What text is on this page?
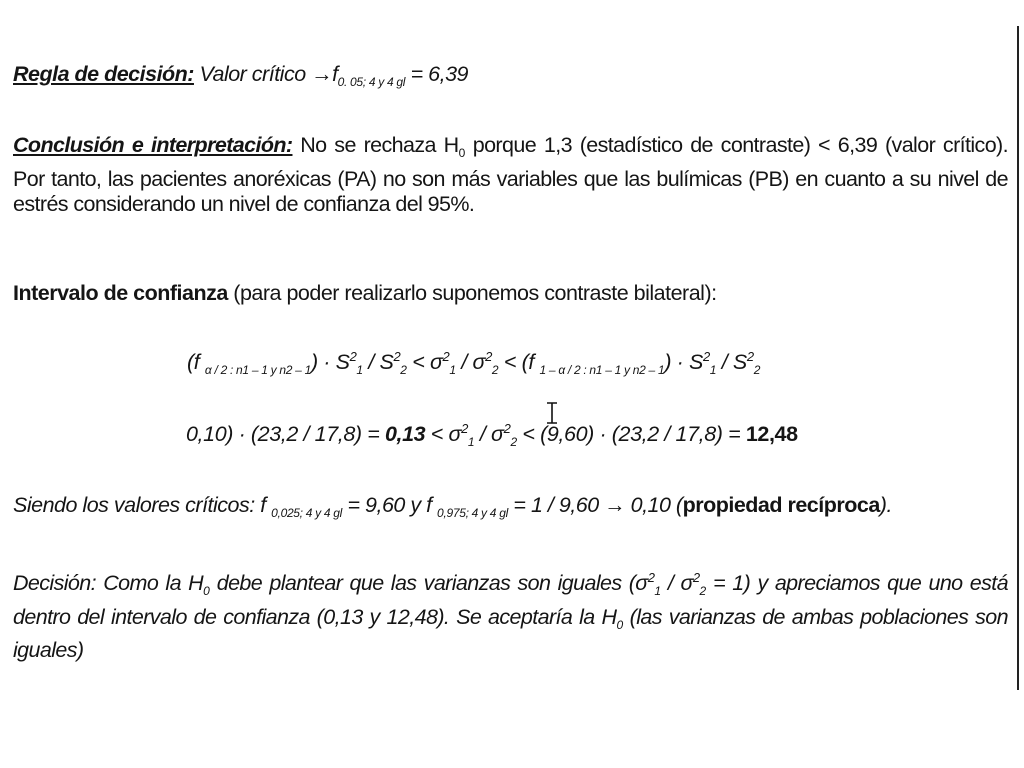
Regla de decisión: Valor crítico $\to f_{0. 05; 4 y 4 gl} = 6,39$
Conclusión e interpretación: No se rechaza $H_0$ porque 1,3 (estadístico de contraste) < 6,39 (valor crítico). Por tanto, las pacientes anoréxicas (PA) no son más variables que las bulímicas (PB) en cuanto a su nivel de estrés considerando un nivel de confianza del 95%.
Intervalo de confianza (para poder realizarlo suponemos contraste bilateral):
(f $_{\alpha / 2 : n1 - 1 y n2 - 1}) \cdot S^2_1 / S^2_2 < \sigma^2_1 / \sigma^2_2 < (f$ $_{1 - \alpha / 2 : n1 - 1 y n2 - 1}) \cdot S^2_1 / S^2_2$
$0,10) \cdot (23,2 / 17,8) = 0,13 < \sigma^2_1 / \sigma^2_2 < (9,60) \cdot (23,2 / 17,8) = 12,48$
Siendo los valores críticos: f $_{0,025; 4 y 4 gl}$ = 9,60 y f $_{0,975; 4 y 4 gl}$ = 1 / 9,60 → 0,10 (propiedad recíproca).
Decisión: Como la $H_0$ debe plantear que las varianzas son iguales $(\sigma^2_1 / \sigma^2_2 = 1)$ y apreciamos que uno está dentro del intervalo de confianza (0,13 y 12,48). Se aceptaría la $H_0$ (las varianzas de ambas poblaciones son iguales)
